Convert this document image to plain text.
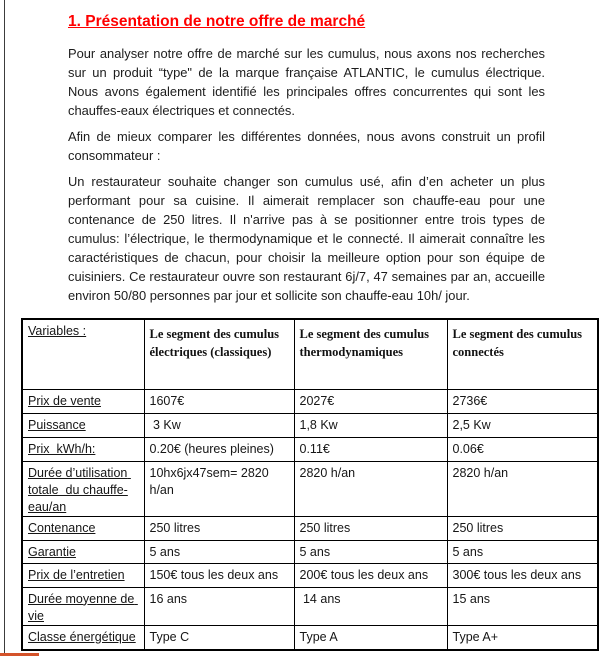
1. Présentation de notre offre de marché

Pour analyser notre offre de marché sur les cumulus, nous axons nos recherches sur un produit “type" de la marque française ATLANTIC, le cumulus électrique. Nous avons également identifié les principales offres concurrentes qui sont les chauffes-eaux électriques et connectés.

Afin de mieux comparer les différentes données, nous avons construit un profil consommateur :

Un restaurateur souhaite changer son cumulus usé, afin d’en acheter un plus performant pour sa cuisine. Il aimerait remplacer son chauffe-eau pour une contenance de 250 litres. Il n'arrive pas à se positionner entre trois types de cumulus: l’électrique, le thermodynamique et le connecté. Il aimerait connaître les caractéristiques de chacun, pour choisir la meilleure option pour son équipe de cuisiniers. Ce restaurateur ouvre son restaurant 6j/7, 47 semaines par an, accueille environ 50/80 personnes par jour et sollicite son chauffe-eau 10h/ jour.

Variables :	Le segment des cumulus électriques (classiques)	Le segment des cumulus thermodynamiques	Le segment des cumulus connectés
Prix de vente	1607€	2027€	2736€
Puissance	3 Kw	1,8 Kw	2,5 Kw
Prix  kWh/h:	0.20€ (heures pleines)	0.11€	0.06€
Durée d’utilisation totale  du chauffe-eau/an	10hx6jx47sem= 2820 h/an	2820 h/an	2820 h/an
Contenance	250 litres	250 litres	250 litres
Garantie	5 ans	5 ans	5 ans
Prix de l’entretien	150€ tous les deux ans	200€ tous les deux ans	300€ tous les deux ans
Durée moyenne de vie	16 ans	14 ans	15 ans
Classe énergétique	Type C	Type A	Type A+
